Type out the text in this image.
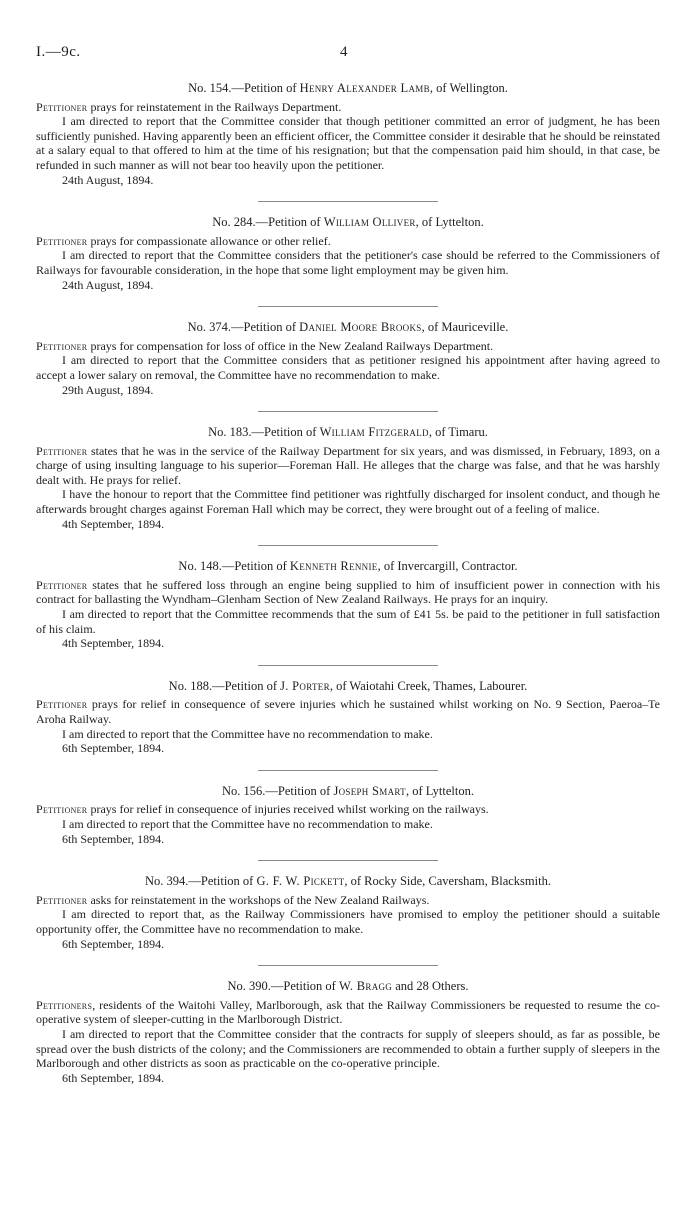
I.—9c.	4

No. 154.—Petition of Henry Alexander Lamb, of Wellington.

Petitioner prays for reinstatement in the Railways Department.

I am directed to report that the Committee consider that though petitioner committed an error of judgment, he has been sufficiently punished. Having apparently been an efficient officer, the Committee consider it desirable that he should be reinstated at a salary equal to that offered to him at the time of his resignation; but that the compensation paid him should, in that case, be refunded in such manner as will not bear too heavily upon the petitioner.

24th August, 1894.

No. 284.—Petition of William Olliver, of Lyttelton.

Petitioner prays for compassionate allowance or other relief.

I am directed to report that the Committee considers that the petitioner's case should be referred to the Commissioners of Railways for favourable consideration, in the hope that some light employment may be given him.

24th August, 1894.

No. 374.—Petition of Daniel Moore Brooks, of Mauriceville.

Petitioner prays for compensation for loss of office in the New Zealand Railways Department.

I am directed to report that the Committee considers that as petitioner resigned his appointment after having agreed to accept a lower salary on removal, the Committee have no recommendation to make.

29th August, 1894.

No. 183.—Petition of William Fitzgerald, of Timaru.

Petitioner states that he was in the service of the Railway Department for six years, and was dismissed, in February, 1893, on a charge of using insulting language to his superior—Foreman Hall. He alleges that the charge was false, and that he was harshly dealt with. He prays for relief.

I have the honour to report that the Committee find petitioner was rightfully discharged for insolent conduct, and though he afterwards brought charges against Foreman Hall which may be correct, they were brought out of a feeling of malice.

4th September, 1894.

No. 148.—Petition of Kenneth Rennie, of Invercargill, Contractor.

Petitioner states that he suffered loss through an engine being supplied to him of insufficient power in connection with his contract for ballasting the Wyndham–Glenham Section of New Zealand Railways. He prays for an inquiry.

I am directed to report that the Committee recommends that the sum of £41 5s. be paid to the petitioner in full satisfaction of his claim.

4th September, 1894.

No. 188.—Petition of J. Porter, of Waiotahi Creek, Thames, Labourer.

Petitioner prays for relief in consequence of severe injuries which he sustained whilst working on No. 9 Section, Paeroa–Te Aroha Railway.

I am directed to report that the Committee have no recommendation to make.

6th September, 1894.

No. 156.—Petition of Joseph Smart, of Lyttelton.

Petitioner prays for relief in consequence of injuries received whilst working on the railways.

I am directed to report that the Committee have no recommendation to make.

6th September, 1894.

No. 394.—Petition of G. F. W. Pickett, of Rocky Side, Caversham, Blacksmith.

Petitioner asks for reinstatement in the workshops of the New Zealand Railways.

I am directed to report that, as the Railway Commissioners have promised to employ the petitioner should a suitable opportunity offer, the Committee have no recommendation to make.

6th September, 1894.

No. 390.—Petition of W. Bragg and 28 Others.

Petitioners, residents of the Waitohi Valley, Marlborough, ask that the Railway Commissioners be requested to resume the co-operative system of sleeper-cutting in the Marlborough District.

I am directed to report that the Committee consider that the contracts for supply of sleepers should, as far as possible, be spread over the bush districts of the colony; and the Commissioners are recommended to obtain a further supply of sleepers in the Marlborough and other districts as soon as practicable on the co-operative principle.

6th September, 1894.
